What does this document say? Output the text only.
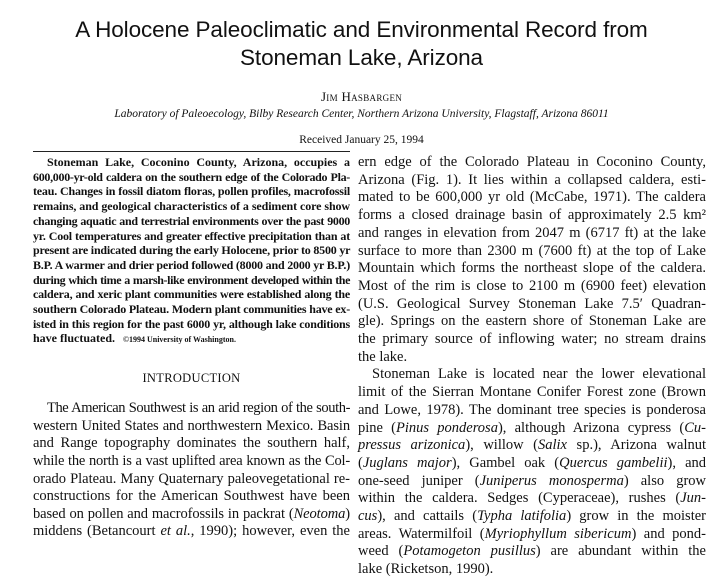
A Holocene Paleoclimatic and Environmental Record from
Stoneman Lake, Arizona
Jim Hasbargen
Laboratory of Paleoecology, Bilby Research Center, Northern Arizona University, Flagstaff, Arizona 86011
Received January 25, 1994
Stoneman Lake, Coconino County, Arizona, occupies a
600,000-yr-old caldera on the southern edge of the Colorado Pla-
teau. Changes in fossil diatom floras, pollen profiles, macrofossil
remains, and geological characteristics of a sediment core show
changing aquatic and terrestrial environments over the past 9000
yr. Cool temperatures and greater effective precipitation than at
present are indicated during the early Holocene, prior to 8500 yr
B.P. A warmer and drier period followed (8000 and 2000 yr B.P.)
during which time a marsh-like environment developed within the
caldera, and xeric plant communities were established along the
southern Colorado Plateau. Modern plant communities have ex-
isted in this region for the past 6000 yr, although lake conditions
have fluctuated. ©1994 University of Washington.
INTRODUCTION
The American Southwest is an arid region of the south-
western United States and northwestern Mexico. Basin
and Range topography dominates the southern half,
while the north is a vast uplifted area known as the Col-
orado Plateau. Many Quaternary paleovegetational re-
constructions for the American Southwest have been
based on pollen and macrofossils in packrat (Neotoma)
middens (Betancourt et al., 1990); however, even the
ern edge of the Colorado Plateau in Coconino County,
Arizona (Fig. 1). It lies within a collapsed caldera, esti-
mated to be 600,000 yr old (McCabe, 1971). The caldera
forms a closed drainage basin of approximately 2.5 km²
and ranges in elevation from 2047 m (6717 ft) at the lake
surface to more than 2300 m (7600 ft) at the top of Lake
Mountain which forms the northeast slope of the caldera.
Most of the rim is close to 2100 m (6900 feet) elevation
(U.S. Geological Survey Stoneman Lake 7.5′ Quadran-
gle). Springs on the eastern shore of Stoneman Lake are
the primary source of inflowing water; no stream drains
the lake.
Stoneman Lake is located near the lower elevational
limit of the Sierran Montane Conifer Forest zone (Brown
and Lowe, 1978). The dominant tree species is ponderosa
pine (Pinus ponderosa), although Arizona cypress (Cu-
pressus arizonica), willow (Salix sp.), Arizona walnut
(Juglans major), Gambel oak (Quercus gambelii), and
one-seed juniper (Juniperus monosperma) also grow
within the caldera. Sedges (Cyperaceae), rushes (Jun-
cus), and cattails (Typha latifolia) grow in the moister
areas. Watermilfoil (Myriophyllum sibericum) and pond-
weed (Potamogeton pusillus) are abundant within the
lake (Ricketson, 1990).
